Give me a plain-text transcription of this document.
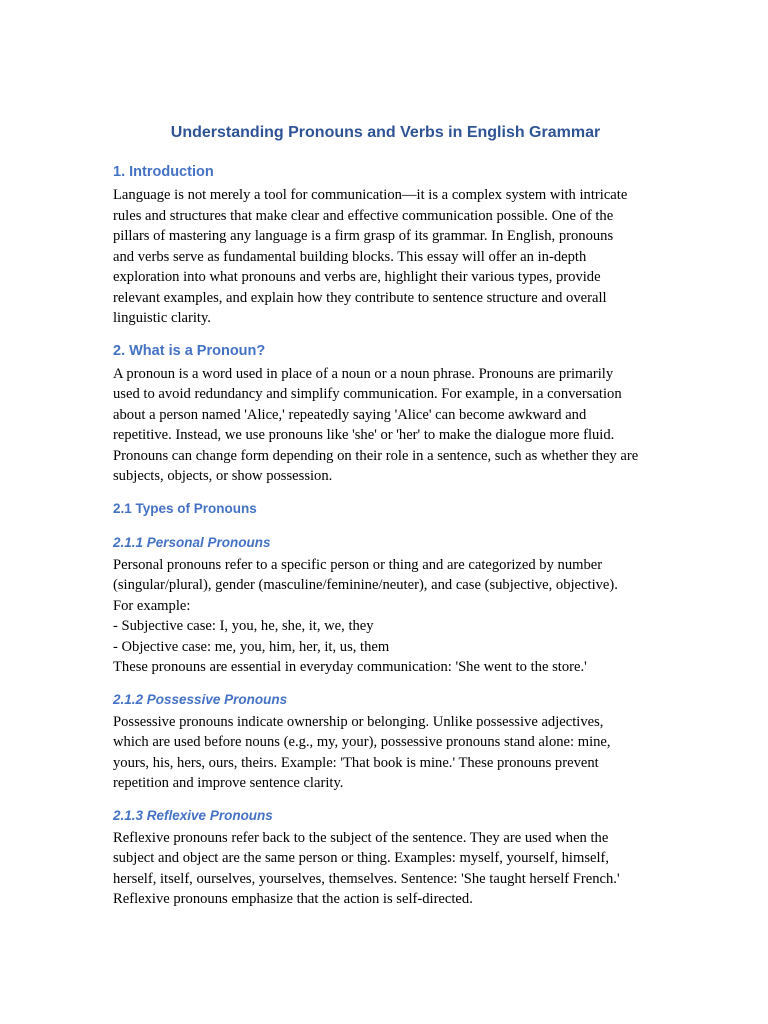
Understanding Pronouns and Verbs in English Grammar
1. Introduction

Language is not merely a tool for communication—it is a complex system with intricate
rules and structures that make clear and effective communication possible. One of the
pillars of mastering any language is a firm grasp of its grammar. In English, pronouns
and verbs serve as fundamental building blocks. This essay will offer an in-depth
exploration into what pronouns and verbs are, highlight their various types, provide
relevant examples, and explain how they contribute to sentence structure and overall
linguistic clarity.

2. What is a Pronoun?

A pronoun is a word used in place of a noun or a noun phrase. Pronouns are primarily
used to avoid redundancy and simplify communication. For example, in a conversation
about a person named 'Alice,' repeatedly saying 'Alice' can become awkward and
repetitive. Instead, we use pronouns like 'she' or 'her' to make the dialogue more fluid.
Pronouns can change form depending on their role in a sentence, such as whether they are
subjects, objects, or show possession.

2.1 Types of Pronouns
2.1.1 Personal Pronouns

Personal pronouns refer to a specific person or thing and are categorized by number
(singular/plural), gender (masculine/feminine/neuter), and case (subjective, objective).
For example:
- Subjective case: I, you, he, she, it, we, they
- Objective case: me, you, him, her, it, us, them
These pronouns are essential in everyday communication: 'She went to the store.'

2.1.2 Possessive Pronouns

Possessive pronouns indicate ownership or belonging. Unlike possessive adjectives,
which are used before nouns (e.g., my, your), possessive pronouns stand alone: mine,
yours, his, hers, ours, theirs. Example: 'That book is mine.' These pronouns prevent
repetition and improve sentence clarity.

2.1.3 Reflexive Pronouns

Reflexive pronouns refer back to the subject of the sentence. They are used when the
subject and object are the same person or thing. Examples: myself, yourself, himself,
herself, itself, ourselves, yourselves, themselves. Sentence: 'She taught herself French.'
Reflexive pronouns emphasize that the action is self-directed.
